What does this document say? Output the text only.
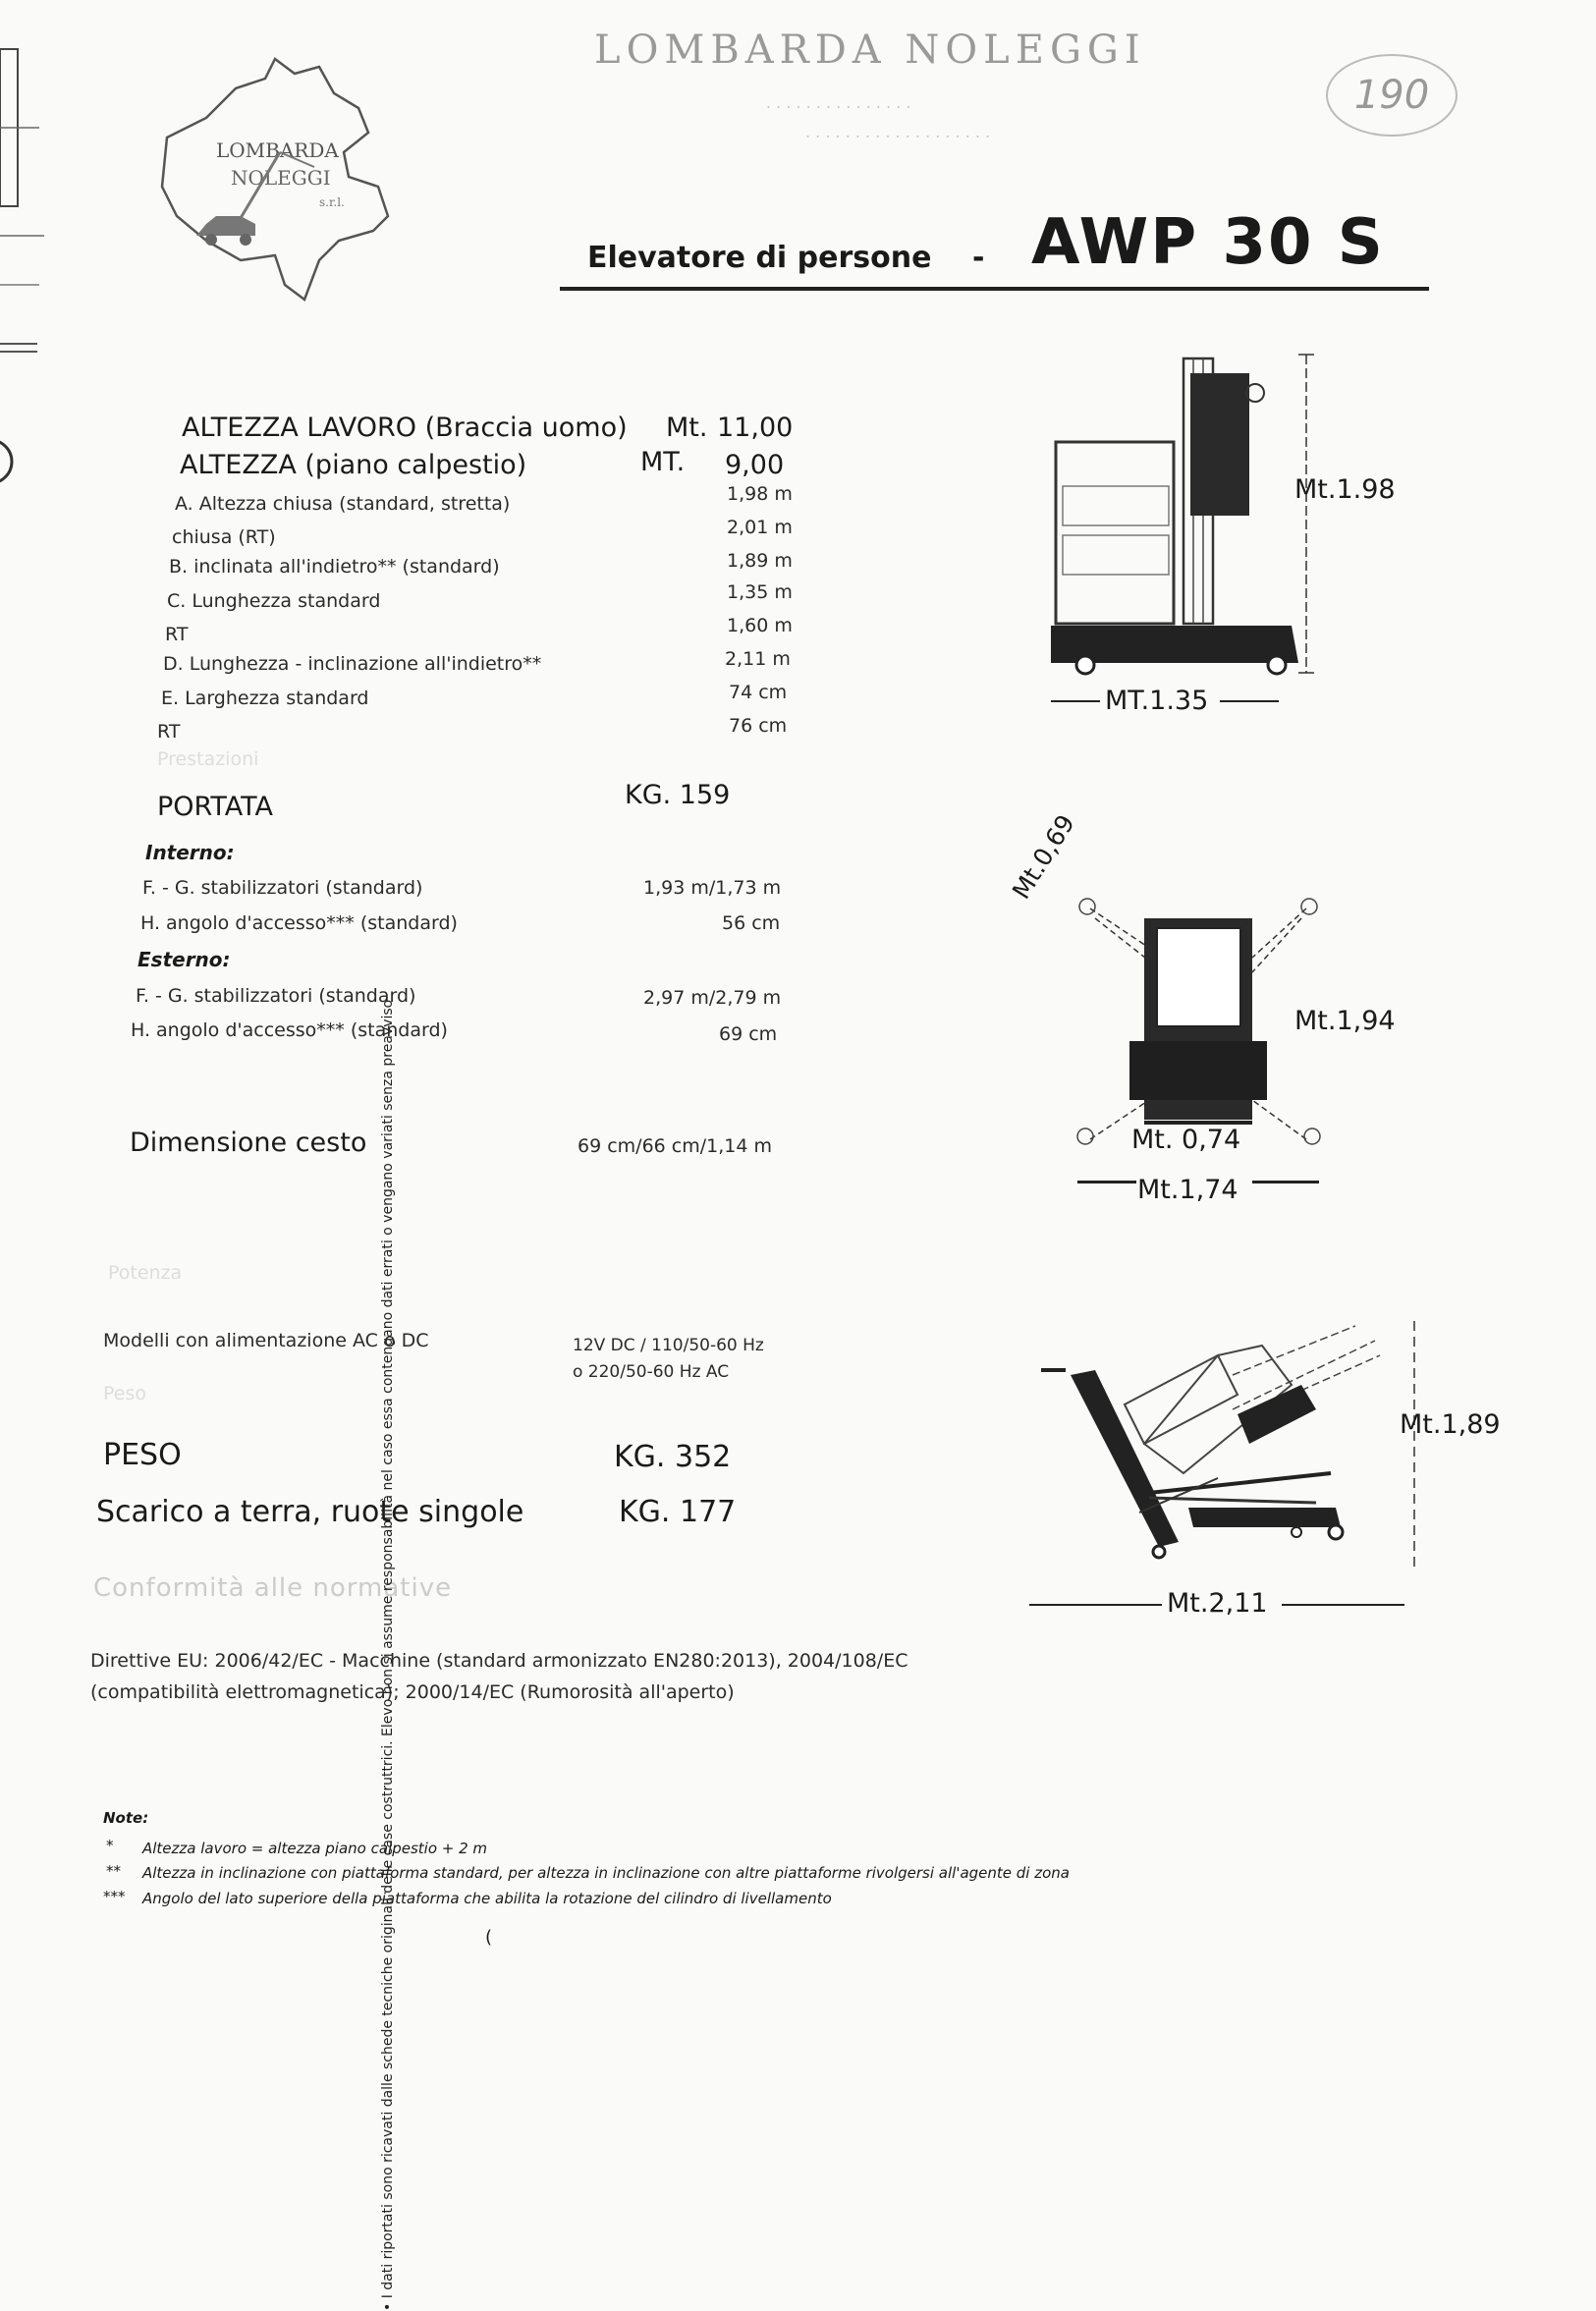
LOMBARDA
NOLEGGI
s.r.l.
LOMBARDA NOLEGGI
. . . . . . . . . . . . . . .
. . . . . . . . . . . . . . . . . . .
190
Elevatore di persone - AWP 30 S
ALTEZZA LAVORO (Braccia uomo) Mt. 11,00
ALTEZZA (piano calpestio)	MT. 9,00
A. Altezza chiusa (standard, stretta)	1,98 m
chiusa (RT)	2,01 m
B. inclinata all'indietro** (standard)	1,89 m
C. Lunghezza standard	1,35 m
RT	1,60 m
D. Lunghezza - inclinazione all'indietro**	2,11 m
E. Larghezza standard	74 cm
RT	76 cm
Prestazioni
PORTATA	KG. 159
Interno:
F. - G. stabilizzatori (standard)	1,93 m/1,73 m
H. angolo d'accesso*** (standard)	56 cm
Esterno:
F. - G. stabilizzatori (standard)	2,97 m/2,79 m
H. angolo d'accesso*** (standard)	69 cm
Dimensione cesto	69 cm/66 cm/1,14 m
Potenza
Modelli con alimentazione AC o DC	12V DC / 110/50-60 Hz
o 220/50-60 Hz AC
Peso
PESO	KG. 352
Scarico a terra, ruote singole	KG. 177
Conformità alle normative
Direttive EU: 2006/42/EC - Macchine (standard armonizzato EN280:2013), 2004/108/EC
(compatibilità elettromagnetica); 2000/14/EC (Rumorosità all'aperto)
Note:
* Altezza lavoro = altezza piano calpestio + 2 m
** Altezza in inclinazione con piattaforma standard, per altezza in inclinazione con altre piattaforme rivolgersi all'agente di zona
*** Angolo del lato superiore della piattaforma che abilita la rotazione del cilindro di livellamento
• I dati riportati sono ricavati dalle schede tecniche originali delle case costruttrici. Elevo non si assume responsabilità nel caso essa contengano dati errati o vengano variati senza preavviso
Mt.1.98
MT.1.35
Mt.0,69
Mt.1,94
Mt. 0,74
Mt.1,74
Mt.1,89
Mt.2,11
(
